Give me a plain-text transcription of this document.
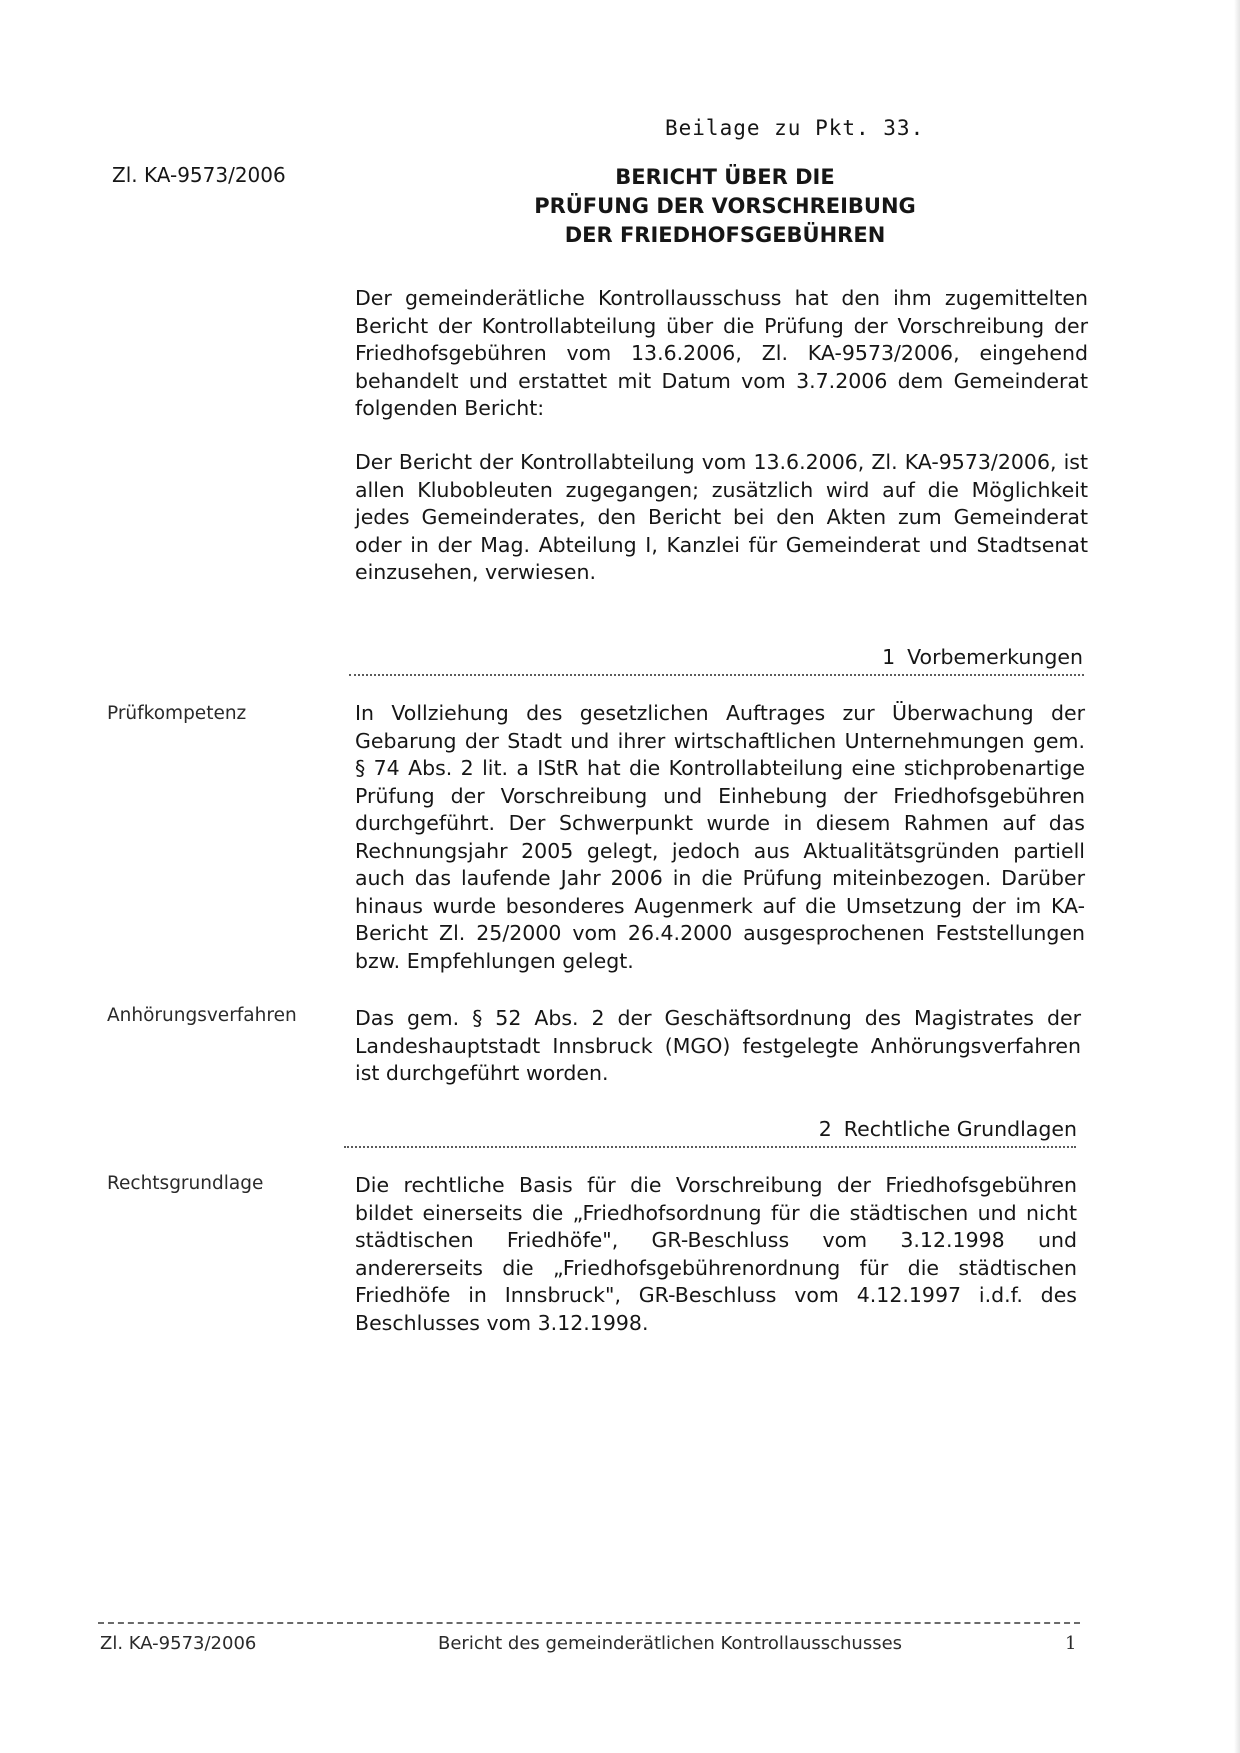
Beilage zu Pkt. 33.
Zl. KA-9573/2006	BERICHT ÜBER DIE
PRÜFUNG DER VORSCHREIBUNG
DER FRIEDHOFSGEBÜHREN

Der gemeinderätliche Kontrollausschuss hat den ihm zugemittelten Bericht der Kontrollabteilung über die Prüfung der Vorschreibung der Friedhofsgebühren vom 13.6.2006, Zl. KA-9573/2006, eingehend behandelt und erstattet mit Datum vom 3.7.2006 dem Gemeinderat folgenden Bericht:

Der Bericht der Kontrollabteilung vom 13.6.2006, Zl. KA-9573/2006, ist allen Klubobleuten zugegangen; zusätzlich wird auf die Möglichkeit jedes Gemeinderates, den Bericht bei den Akten zum Gemeinderat oder in der Mag. Abteilung I, Kanzlei für Gemeinderat und Stadtsenat einzusehen, verwiesen.

1 Vorbemerkungen
Prüfkompetenz	In Vollziehung des gesetzlichen Auftrages zur Überwachung der Gebarung der Stadt und ihrer wirtschaftlichen Unternehmungen gem. § 74 Abs. 2 lit. a IStR hat die Kontrollabteilung eine stichprobenartige Prüfung der Vorschreibung und Einhebung der Friedhofsgebühren durchgeführt. Der Schwerpunkt wurde in diesem Rahmen auf das Rechnungsjahr 2005 gelegt, jedoch aus Aktualitätsgründen partiell auch das laufende Jahr 2006 in die Prüfung miteinbezogen. Darüber hinaus wurde besonderes Augenmerk auf die Umsetzung der im KA-Bericht Zl. 25/2000 vom 26.4.2000 ausgesprochenen Feststellungen bzw. Empfehlungen gelegt.

Anhörungsverfahren	Das gem. § 52 Abs. 2 der Geschäftsordnung des Magistrates der Landeshauptstadt Innsbruck (MGO) festgelegte Anhörungsverfahren ist durchgeführt worden.

2 Rechtliche Grundlagen
Rechtsgrundlage	Die rechtliche Basis für die Vorschreibung der Friedhofsgebühren bildet einerseits die „Friedhofsordnung für die städtischen und nicht städtischen Friedhöfe", GR-Beschluss vom 3.12.1998 und andererseits die „Friedhofsgebührenordnung für die städtischen Friedhöfe in Innsbruck", GR-Beschluss vom 4.12.1997 i.d.f. des Beschlusses vom 3.12.1998.

Zl. KA-9573/2006	Bericht des gemeinderätlichen Kontrollausschusses	1
